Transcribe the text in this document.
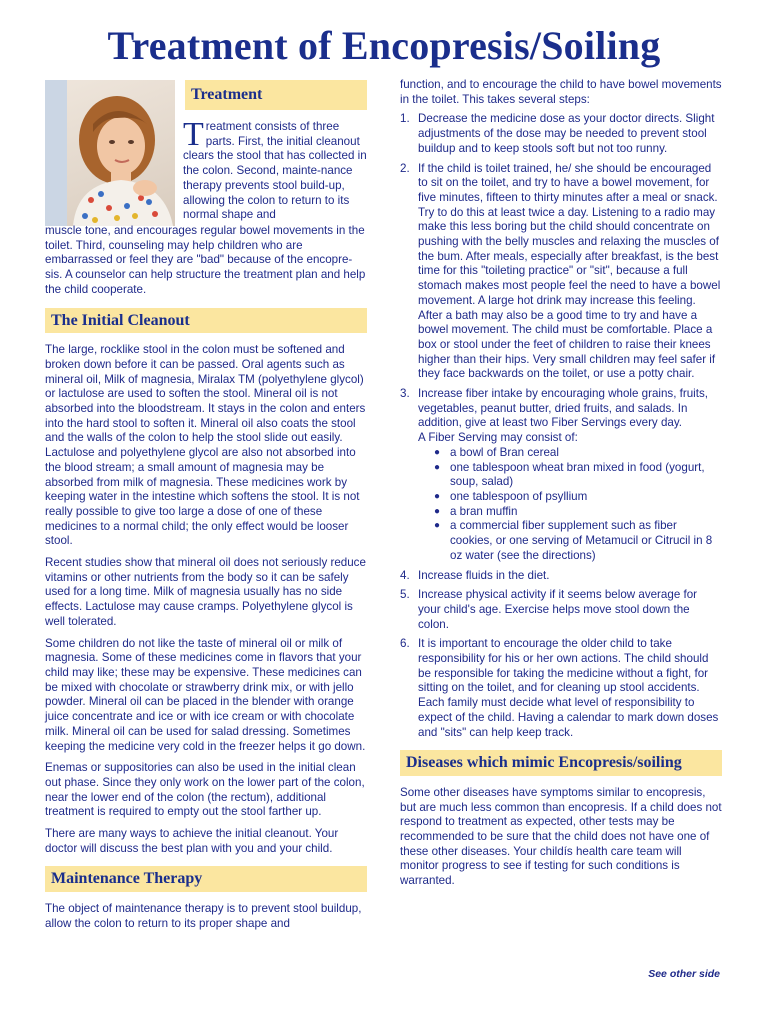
Treatment of Encopresis/Soiling
Treatment
Treatment consists of three parts. First, the initial cleanout clears the stool that has collected in the colon. Second, mainte-nance therapy prevents stool build-up, allowing the colon to return to its normal shape and

muscle tone, and encourages regular bowel movements in the toilet. Third, counseling may help children who are embarrassed or feel they are "bad" because of the encopre-sis. A counselor can help structure the treatment plan and help the child cooperate.

The Initial Cleanout

The large, rocklike stool in the colon must be softened and broken down before it can be passed. Oral agents such as mineral oil, Milk of magnesia, Miralax TM (polyethylene glycol) or lactulose are used to soften the stool. Mineral oil is not absorbed into the bloodstream. It stays in the colon and enters into the hard stool to soften it. Mineral oil also coats the stool and the walls of the colon to help the stool slide out easily. Lactulose and polyethylene glycol are also not absorbed into the blood stream; a small amount of magnesia may be absorbed from milk of magnesia. These medicines work by keeping water in the intestine which softens the stool. It is not really possible to give too large a dose of one of these medicines to a normal child; the only effect would be looser stool.

Recent studies show that mineral oil does not seriously reduce vitamins or other nutrients from the body so it can be safely used for a long time. Milk of magnesia usually has no side effects. Lactulose may cause cramps. Polyethylene glycol is well tolerated.

Some children do not like the taste of mineral oil or milk of magnesia. Some of these medicines come in flavors that your child may like; these may be expensive. These medicines can be mixed with chocolate or strawberry drink mix, or with jello powder. Mineral oil can be placed in the blender with orange juice concentrate and ice or with ice cream or with chocolate milk. Mineral oil can be used for salad dressing. Sometimes keeping the medicine very cold in the freezer helps it go down.

Enemas or suppositories can also be used in the initial clean out phase. Since they only work on the lower part of the colon, near the lower end of the colon (the rectum), additional treatment is required to empty out the stool farther up.

There are many ways to achieve the initial cleanout. Your doctor will discuss the best plan with you and your child.

Maintenance Therapy

The object of maintenance therapy is to prevent stool buildup, allow the colon to return to its proper shape and

function, and to encourage the child to have bowel movements in the toilet. This takes several steps:

1. Decrease the medicine dose as your doctor directs. Slight adjustments of the dose may be needed to prevent stool buildup and to keep stools soft but not too runny.
2. If the child is toilet trained, he/ she should be encouraged to sit on the toilet, and try to have a bowel movement, for five minutes, fifteen to thirty minutes after a meal or snack. Try to do this at least twice a day. Listening to a radio may make this less boring but the child should concentrate on pushing with the belly muscles and relaxing the muscles of the bum. After meals, especially after breakfast, is the best time for this "toileting practice" or "sit", because a full stomach makes most people feel the need to have a bowel movement. A large hot drink may increase this feeling. After a bath may also be a good time to try and have a bowel movement. The child must be comfortable. Place a box or stool under the feet of children to raise their knees higher than their hips. Very small children may feel safer if they face backwards on the toilet, or use a potty chair.
3. Increase fiber intake by encouraging whole grains, fruits, vegetables, peanut butter, dried fruits, and salads. In addition, give at least two Fiber Servings every day.
A Fiber Serving may consist of:
● a bowl of Bran cereal
● one tablespoon wheat bran mixed in food (yogurt, soup, salad)
● one tablespoon of psyllium
● a bran muffin
● a commercial fiber supplement such as fiber cookies, or one serving of Metamucil or Citrucil in 8 oz water (see the directions)
4. Increase fluids in the diet.
5. Increase physical activity if it seems below average for your child's age. Exercise helps move stool down the colon.
6. It is important to encourage the older child to take responsibility for his or her own actions. The child should be responsible for taking the medicine without a fight, for sitting on the toilet, and for cleaning up stool accidents. Each family must decide what level of responsibility to expect of the child. Having a calendar to mark down doses and "sits" can help keep track.
Diseases which mimic Encopresis/soiling

Some other diseases have symptoms similar to encopresis, but are much less common than encopresis. If a child does not respond to treatment as expected, other tests may be recommended to be sure that the child does not have one of these other diseases. Your childís health care team will monitor progress to see if testing for such conditions is warranted.

See other side
